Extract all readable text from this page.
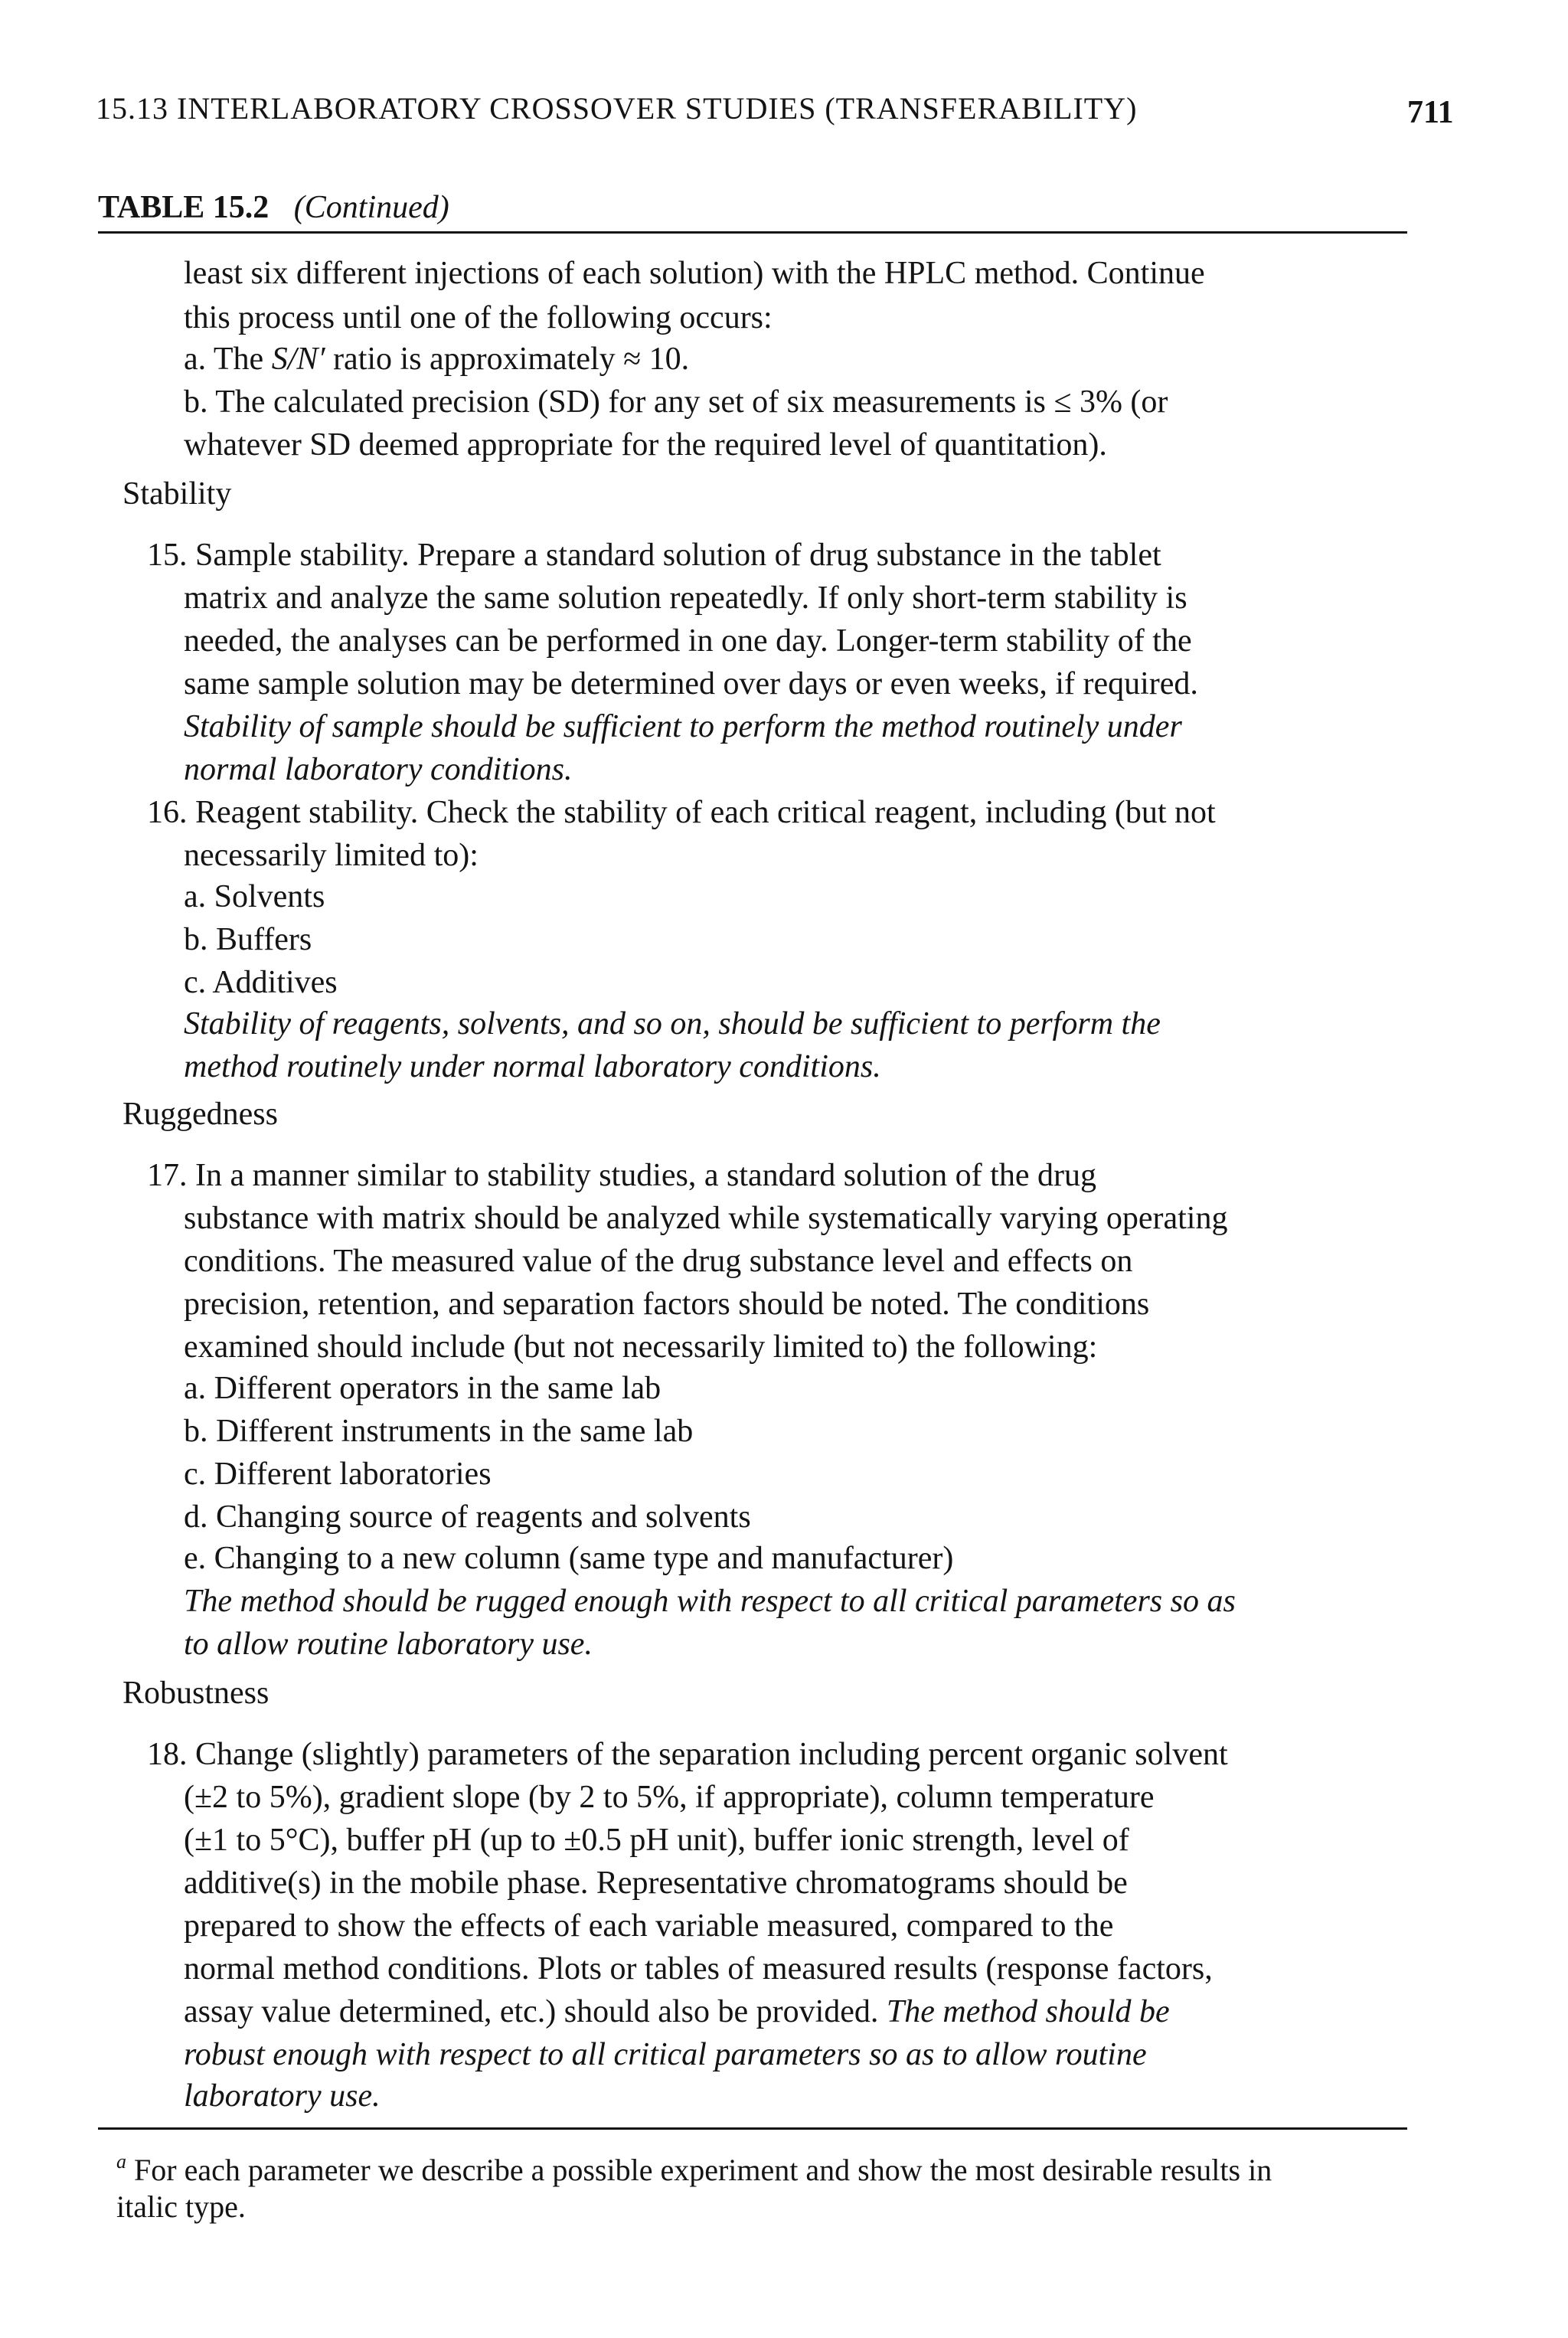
15.13 INTERLABORATORY CROSSOVER STUDIES (TRANSFERABILITY)	711
TABLE 15.2 (Continued)
least six different injections of each solution) with the HPLC method. Continue
this process until one of the following occurs:
a. The S/N′ ratio is approximately ≈ 10.
b. The calculated precision (SD) for any set of six measurements is ≤ 3% (or
whatever SD deemed appropriate for the required level of quantitation).
Stability
15. Sample stability. Prepare a standard solution of drug substance in the tablet
matrix and analyze the same solution repeatedly. If only short-term stability is
needed, the analyses can be performed in one day. Longer-term stability of the
same sample solution may be determined over days or even weeks, if required.
Stability of sample should be sufficient to perform the method routinely under
normal laboratory conditions.
16. Reagent stability. Check the stability of each critical reagent, including (but not
necessarily limited to):
a. Solvents
b. Buffers
c. Additives
Stability of reagents, solvents, and so on, should be sufficient to perform the
method routinely under normal laboratory conditions.
Ruggedness
17. In a manner similar to stability studies, a standard solution of the drug
substance with matrix should be analyzed while systematically varying operating
conditions. The measured value of the drug substance level and effects on
precision, retention, and separation factors should be noted. The conditions
examined should include (but not necessarily limited to) the following:
a. Different operators in the same lab
b. Different instruments in the same lab
c. Different laboratories
d. Changing source of reagents and solvents
e. Changing to a new column (same type and manufacturer)
The method should be rugged enough with respect to all critical parameters so as
to allow routine laboratory use.
Robustness
18. Change (slightly) parameters of the separation including percent organic solvent
(±2 to 5%), gradient slope (by 2 to 5%, if appropriate), column temperature
(±1 to 5°C), buffer pH (up to ±0.5 pH unit), buffer ionic strength, level of
additive(s) in the mobile phase. Representative chromatograms should be
prepared to show the effects of each variable measured, compared to the
normal method conditions. Plots or tables of measured results (response factors,
assay value determined, etc.) should also be provided. The method should be
robust enough with respect to all critical parameters so as to allow routine
laboratory use.
$^a$ For each parameter we describe a possible experiment and show the most desirable results in
italic type.
